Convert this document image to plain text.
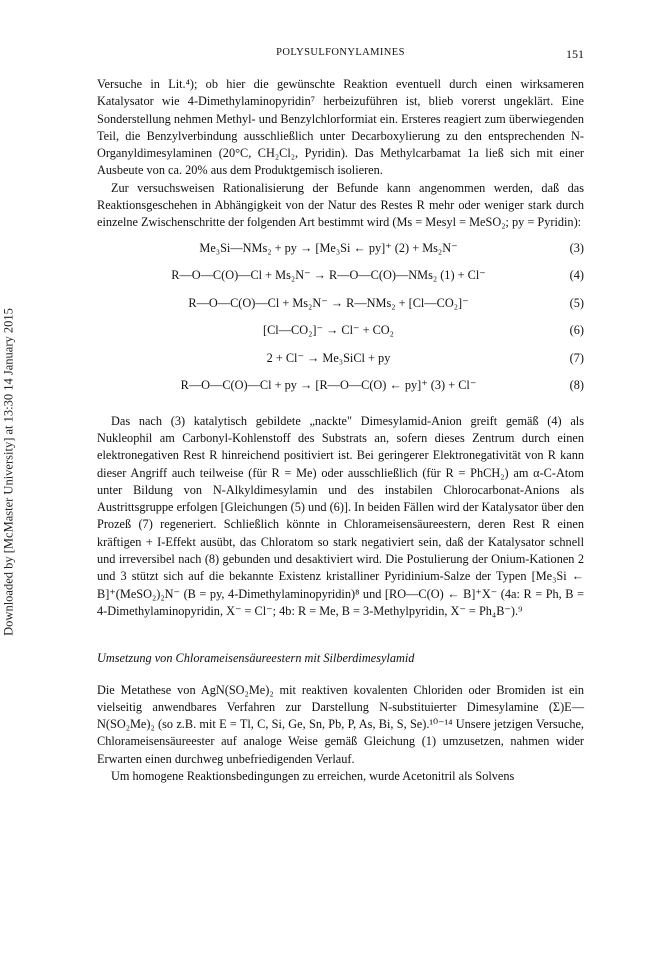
POLYSULFONYLAMINES	151
Downloaded by [McMaster University] at 13:30 14 January 2015

Versuche in Lit.⁴); ob hier die gewünschte Reaktion eventuell durch einen wirksameren Katalysator wie 4-Dimethylaminopyridin⁷ herbeizuführen ist, blieb vorerst ungeklärt. Eine Sonderstellung nehmen Methyl- und Benzylchlorformiat ein. Ersteres reagiert zum überwiegenden Teil, die Benzylverbindung ausschließlich unter Decarboxylierung zu den entsprechenden N-Organyldimesylaminen (20°C, CH₂Cl₂, Pyridin). Das Methylcarbamat 1a ließ sich mit einer Ausbeute von ca. 20% aus dem Produktgemisch isolieren.

Zur versuchsweisen Rationalisierung der Befunde kann angenommen werden, daß das Reaktionsgeschehen in Abhängigkeit von der Natur des Restes R mehr oder weniger stark durch einzelne Zwischenschritte der folgenden Art bestimmt wird (Ms = Mesyl = MeSO₂; py = Pyridin):

Me₃Si—NMs₂ + py → [Me₃Si ← py]⁺ (2) + Ms₂N⁻	(3)
R—O—C(O)—Cl + Ms₂N⁻ → R—O—C(O)—NMs₂ (1) + Cl⁻	(4)
R—O—C(O)—Cl + Ms₂N⁻ → R—NMs₂ + [Cl—CO₂]⁻	(5)
[Cl—CO₂]⁻ → Cl⁻ + CO₂	(6)
2 + Cl⁻ → Me₃SiCl + py	(7)
R—O—C(O)—Cl + py → [R—O—C(O) ← py]⁺ (3) + Cl⁻	(8)

Das nach (3) katalytisch gebildete „nackte" Dimesylamid-Anion greift gemäß (4) als Nukleophil am Carbonyl-Kohlenstoff des Substrats an, sofern dieses Zentrum durch einen elektronegativen Rest R hinreichend positiviert ist. Bei geringerer Elektronegativität von R kann dieser Angriff auch teilweise (für R = Me) oder ausschließlich (für R = PhCH₂) am α-C-Atom unter Bildung von N-Alkyldimesylamin und des instabilen Chlorocarbonat-Anions als Austrittsgruppe erfolgen [Gleichungen (5) und (6)]. In beiden Fällen wird der Katalysator über den Prozeß (7) regeneriert. Schließlich könnte in Chlorameisensäureestern, deren Rest R einen kräftigen + I-Effekt ausübt, das Chloratom so stark negativiert sein, daß der Katalysator schnell und irreversibel nach (8) gebunden und desaktiviert wird. Die Postulierung der Onium-Kationen 2 und 3 stützt sich auf die bekannte Existenz kristalliner Pyridinium-Salze der Typen [Me₃Si ← B]⁺(MeSO₂)₂N⁻ (B = py, 4-Dimethylaminopyridin)⁸ und [RO—C(O) ← B]⁺X⁻ (4a: R = Ph, B = 4-Dimethylaminopyridin, X⁻ = Cl⁻; 4b: R = Me, B = 3-Methylpyridin, X⁻ = Ph₄B⁻).⁹

Umsetzung von Chlorameisensäureestern mit Silberdimesylamid

Die Metathese von AgN(SO₂Me)₂ mit reaktiven kovalenten Chloriden oder Bromiden ist ein vielseitig anwendbares Verfahren zur Darstellung N-substituierter Dimesylamine (Σ)E—N(SO₂Me)₂ (so z.B. mit E = Tl, C, Si, Ge, Sn, Pb, P, As, Bi, S, Se).¹⁰⁻¹⁴ Unsere jetzigen Versuche, Chlorameisensäureester auf analoge Weise gemäß Gleichung (1) umzusetzen, nahmen wider Erwarten einen durchweg unbefriedigenden Verlauf.

Um homogene Reaktionsbedingungen zu erreichen, wurde Acetonitril als Solvens
